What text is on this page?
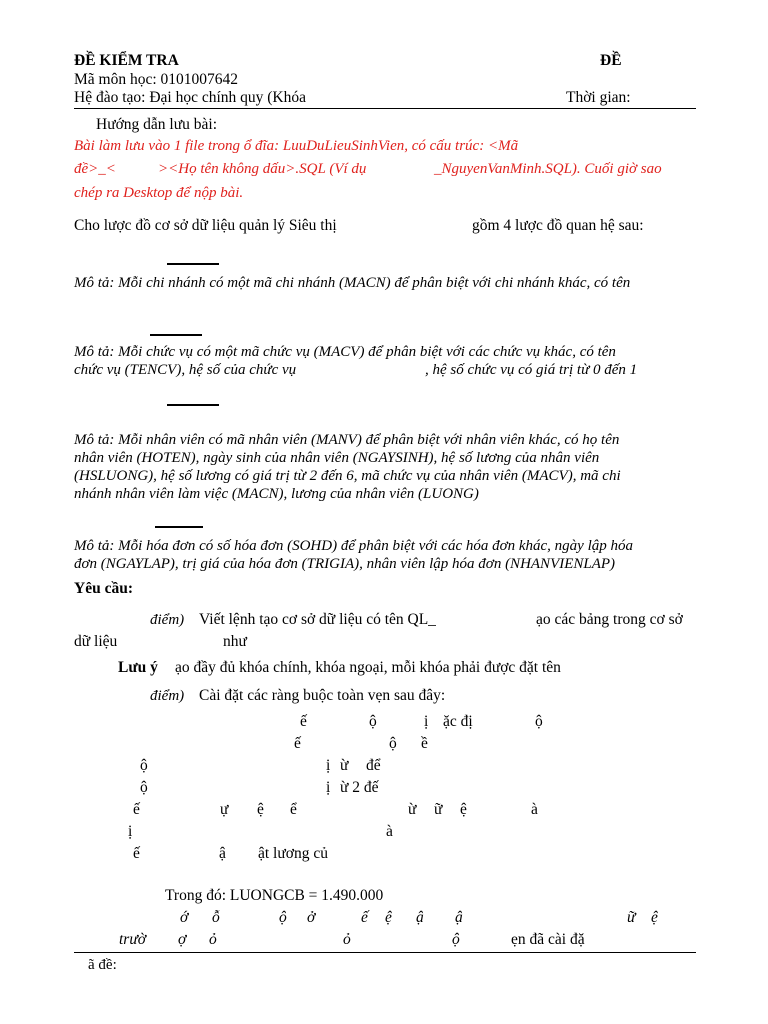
ĐỀ KIỂM TRA	ĐỀ
Mã môn học: 0101007642
Hệ đào tạo: Đại học chính quy (Khóa	Thời gian:
Hướng dẫn lưu bài:
Bài làm lưu vào 1 file trong ổ đĩa: LuuDuLieuSinhVien, có cấu trúc: <Mã
đề>_<	><Họ tên không dấu>.SQL (Ví dụ	_NguyenVanMinh.SQL). Cuối giờ sao
chép ra Desktop để nộp bài.
Cho lược đồ cơ sở dữ liệu quản lý Siêu thị	gồm 4 lược đồ quan hệ sau:
Mô tả: Mỗi chi nhánh có một mã chi nhánh (MACN) để phân biệt với chi nhánh khác, có tên
Mô tả: Mỗi chức vụ có một mã chức vụ (MACV) để phân biệt với các chức vụ khác, có tên
chức vụ (TENCV), hệ số của chức vụ	, hệ số chức vụ có giá trị từ 0 đến 1
Mô tả: Mỗi nhân viên có mã nhân viên (MANV) để phân biệt với nhân viên khác, có họ tên
nhân viên (HOTEN), ngày sinh của nhân viên (NGAYSINH), hệ số lương của nhân viên
(HSLUONG), hệ số lương có giá trị từ 2 đến 6, mã chức vụ của nhân viên (MACV), mã chi
nhánh nhân viên làm việc (MACN), lương của nhân viên (LUONG)
Mô tả: Mỗi hóa đơn có số hóa đơn (SOHD) để phân biệt với các hóa đơn khác, ngày lập hóa
đơn (NGAYLAP), trị giá của hóa đơn (TRIGIA), nhân viên lập hóa đơn (NHANVIENLAP)
Yêu cầu:
điểm) Viết lệnh tạo cơ sở dữ liệu có tên QL_	ạo các bảng trong cơ sở
dữ liệu	như
Lưu ý ạo đầy đủ khóa chính, khóa ngoại, mỗi khóa phải được đặt tên
điểm) Cài đặt các ràng buộc toàn vẹn sau đây:
ế	ộ	ị ặc đị	ộ
ế	ộ ề
ộ	ị ừ để
ộ	ị ừ 2 đế
ế	ự ệ ể	ừ ữ ệ	à
ị	à
ế	ậ ật lương củ
Trong đó: LUONGCB = 1.490.000
ớ ỗ	ộ ở	ế ệ ậ ậ	ữ ệ
trườ ợ ỏ	ỏ	ộ	ẹn đã cài đặ
ã đề:
